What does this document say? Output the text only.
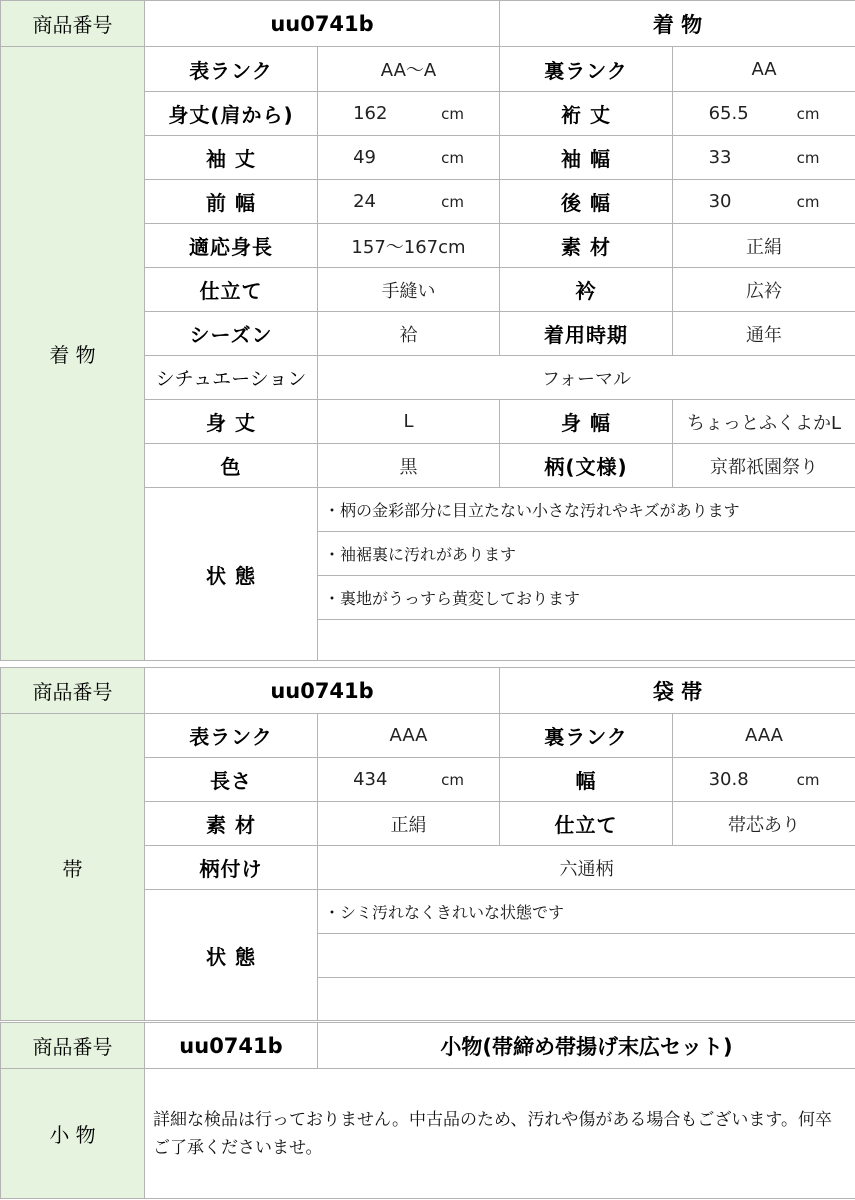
商品番号	uu0741b		着 物	
着 物	表ランク	AA〜A	裏ランク	AA
	身丈(肩から)	162 cm	裄 丈	65.5 cm
	袖 丈	49 cm	袖 幅	33 cm
	前 幅	24 cm	後 幅	30 cm
	適応身長	157〜167cm	素 材	正絹
	仕立て	手縫い	衿	広衿
	シーズン	袷	着用時期	通年
	シチュエーション	フォーマル		
	身 丈	L	身 幅	ちょっとふくよかL
	色	黒	柄(文様)	京都祇園祭り
	状 態	・柄の金彩部分に目立たない小さな汚れやキズがあります		
		・袖裾裏に汚れがあります		
		・裏地がうっすら黄変しております		

商品番号	uu0741b		袋 帯	
帯	表ランク	AAA	裏ランク	AAA
	長さ	434 cm	幅	30.8 cm
	素 材	正絹	仕立て	帯芯あり
	柄付け	六通柄		
	状 態	・シミ汚れなくきれいな状態です		

商品番号	uu0741b	小物(帯締め帯揚げ末広セット)
小 物	詳細な検品は行っておりません。中古品のため、汚れや傷がある場合もございます。何卒ご了承くださいませ。	
